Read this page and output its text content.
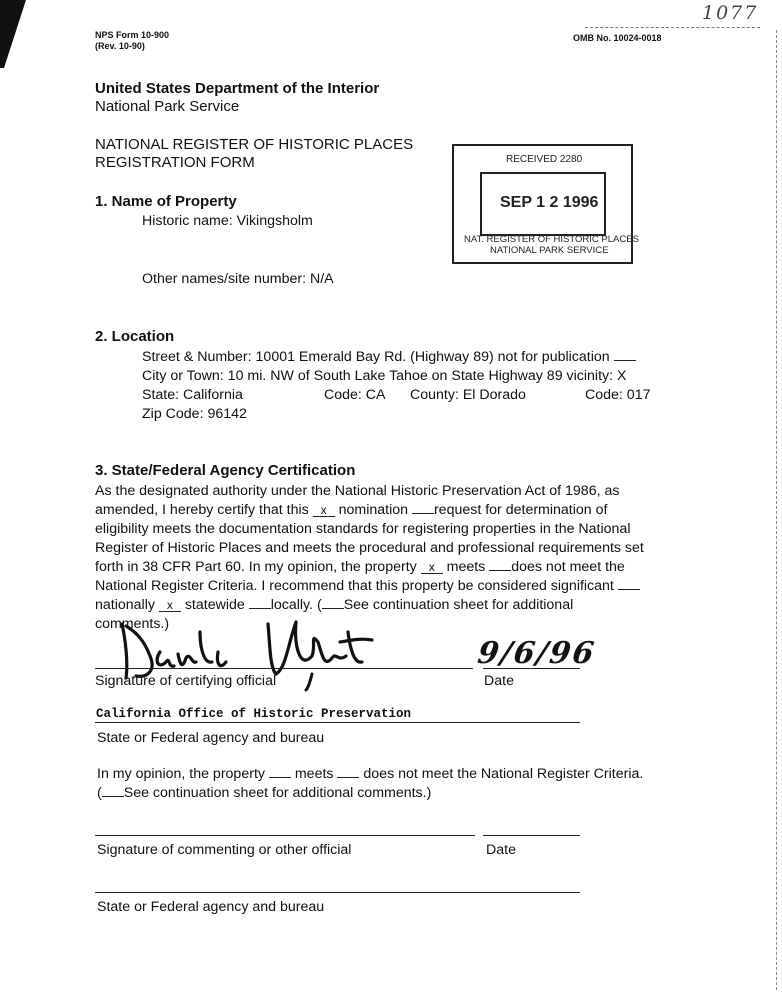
NPS Form 10-900
(Rev. 10-90)
OMB No. 10024-0018
1077
United States Department of the Interior
National Park Service
NATIONAL REGISTER OF HISTORIC PLACES
REGISTRATION FORM	RECEIVED 2280
SEP 1 2 1996
NAT. REGISTER OF HISTORIC PLACES
NATIONAL PARK SERVICE
1. Name of Property
Historic name: Vikingsholm
Other names/site number: N/A
2. Location
Street & Number: 10001 Emerald Bay Rd. (Highway 89) not for publication
City or Town: 10 mi. NW of South Lake Tahoe on State Highway 89 vicinity: X
State: California	Code: CA County: El Dorado	Code: 017
Zip Code: 96142
3. State/Federal Agency Certification
As the designated authority under the National Historic Preservation Act of 1986, as
amended, I hereby certify that this x nomination request for determination of
eligibility meets the documentation standards for registering properties in the National
Register of Historic Places and meets the procedural and professional requirements set
forth in 38 CFR Part 60. In my opinion, the property x meets does not meet the
National Register Criteria. I recommend that this property be considered significant
nationally x statewide locally. ( See continuation sheet for additional
comments.)
Signature of certifying official	Date
9/6/96
California Office of Historic Preservation
State or Federal agency and bureau
In my opinion, the property  meets  does not meet the National Register Criteria.
( See continuation sheet for additional comments.)
Signature of commenting or other official	Date
State or Federal agency and bureau
